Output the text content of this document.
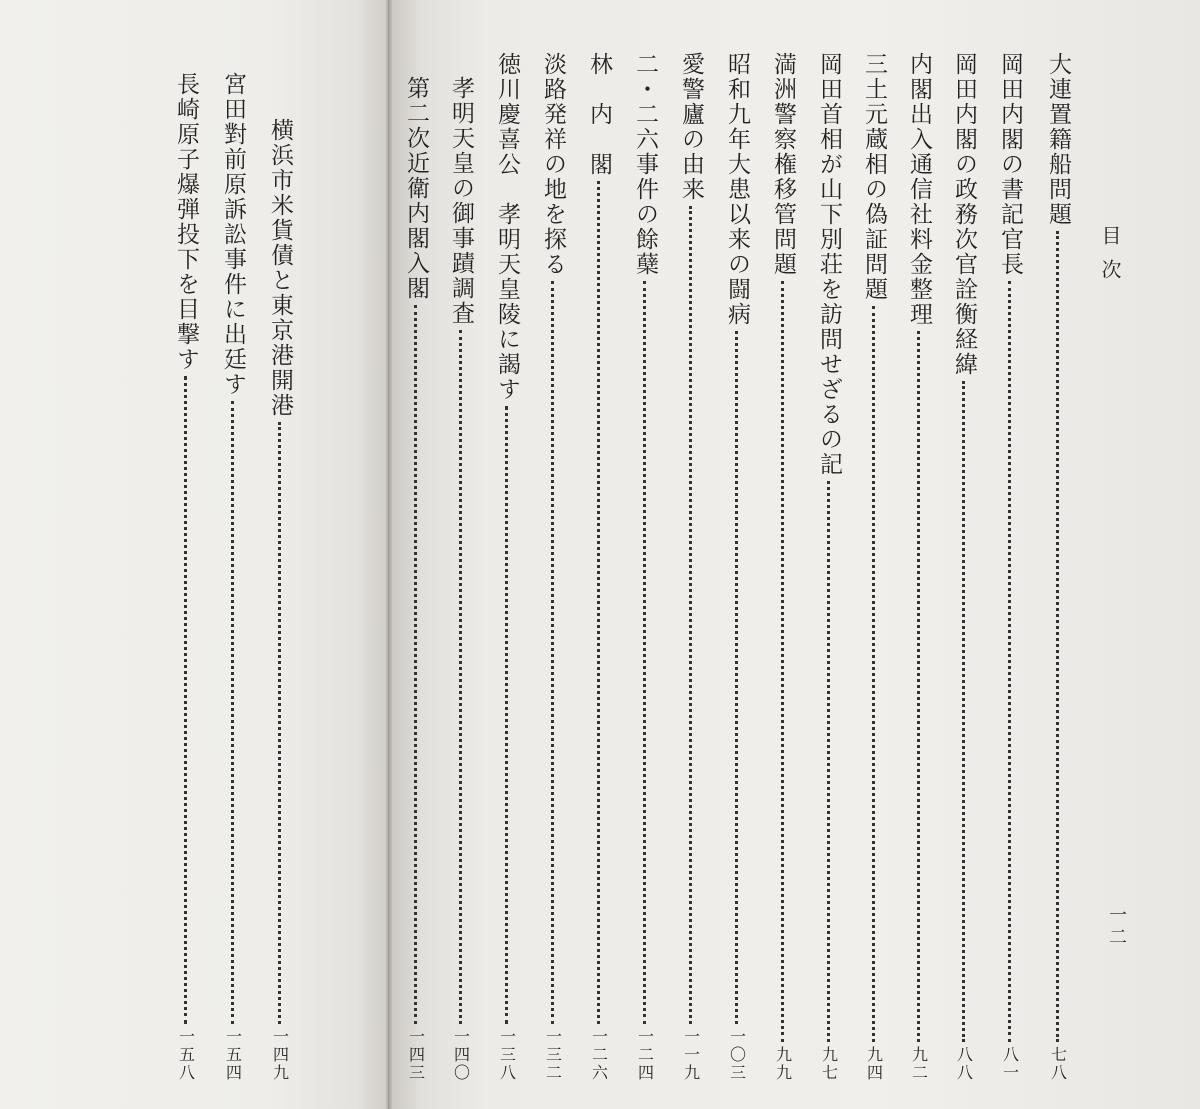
目次
一二
大連置籍船問題
七八
岡田内閣の書記官長
八一
岡田内閣の政務次官詮衡経緯
八八
内閣出入通信社料金整理
九二
三土元蔵相の偽証問題
九四
岡田首相が山下別荘を訪問せざるの記
九七
満洲警察権移管問題
九九
昭和九年大患以来の闘病
一〇三
愛警廬の由来
一一九
二・二六事件の餘蘖
一二四
林　内　閣
一二六
淡路発祥の地を探る
一三二
徳川慶喜公　孝明天皇陵に謁す
一三八
孝明天皇の御事蹟調査
一四〇
第二次近衛内閣入閣
一四三
横浜市米貨債と東京港開港
一四九
宮田對前原訴訟事件に出廷す
一五四
長崎原子爆弾投下を目撃す
一五八
